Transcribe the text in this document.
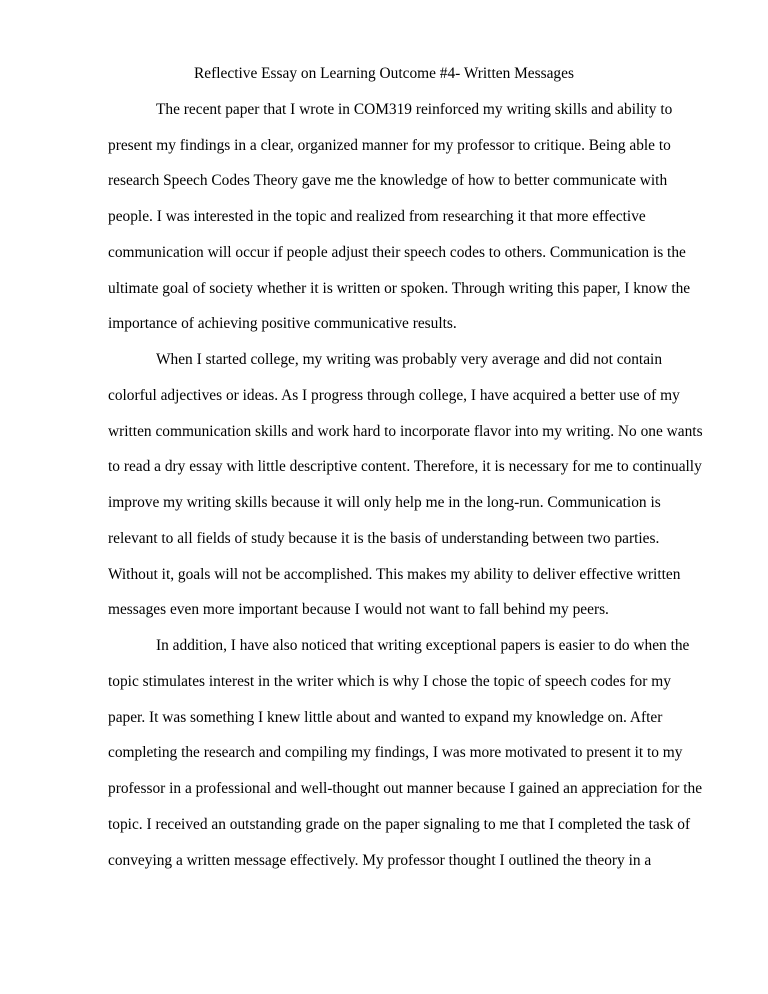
Reflective Essay on Learning Outcome #4- Written Messages
The recent paper that I wrote in COM319 reinforced my writing skills and ability to
present my findings in a clear, organized manner for my professor to critique. Being able to
research Speech Codes Theory gave me the knowledge of how to better communicate with
people. I was interested in the topic and realized from researching it that more effective
communication will occur if people adjust their speech codes to others. Communication is the
ultimate goal of society whether it is written or spoken. Through writing this paper, I know the
importance of achieving positive communicative results.
When I started college, my writing was probably very average and did not contain
colorful adjectives or ideas. As I progress through college, I have acquired a better use of my
written communication skills and work hard to incorporate flavor into my writing. No one wants
to read a dry essay with little descriptive content. Therefore, it is necessary for me to continually
improve my writing skills because it will only help me in the long-run. Communication is
relevant to all fields of study because it is the basis of understanding between two parties.
Without it, goals will not be accomplished. This makes my ability to deliver effective written
messages even more important because I would not want to fall behind my peers.
In addition, I have also noticed that writing exceptional papers is easier to do when the
topic stimulates interest in the writer which is why I chose the topic of speech codes for my
paper. It was something I knew little about and wanted to expand my knowledge on. After
completing the research and compiling my findings, I was more motivated to present it to my
professor in a professional and well-thought out manner because I gained an appreciation for the
topic. I received an outstanding grade on the paper signaling to me that I completed the task of
conveying a written message effectively. My professor thought I outlined the theory in a
